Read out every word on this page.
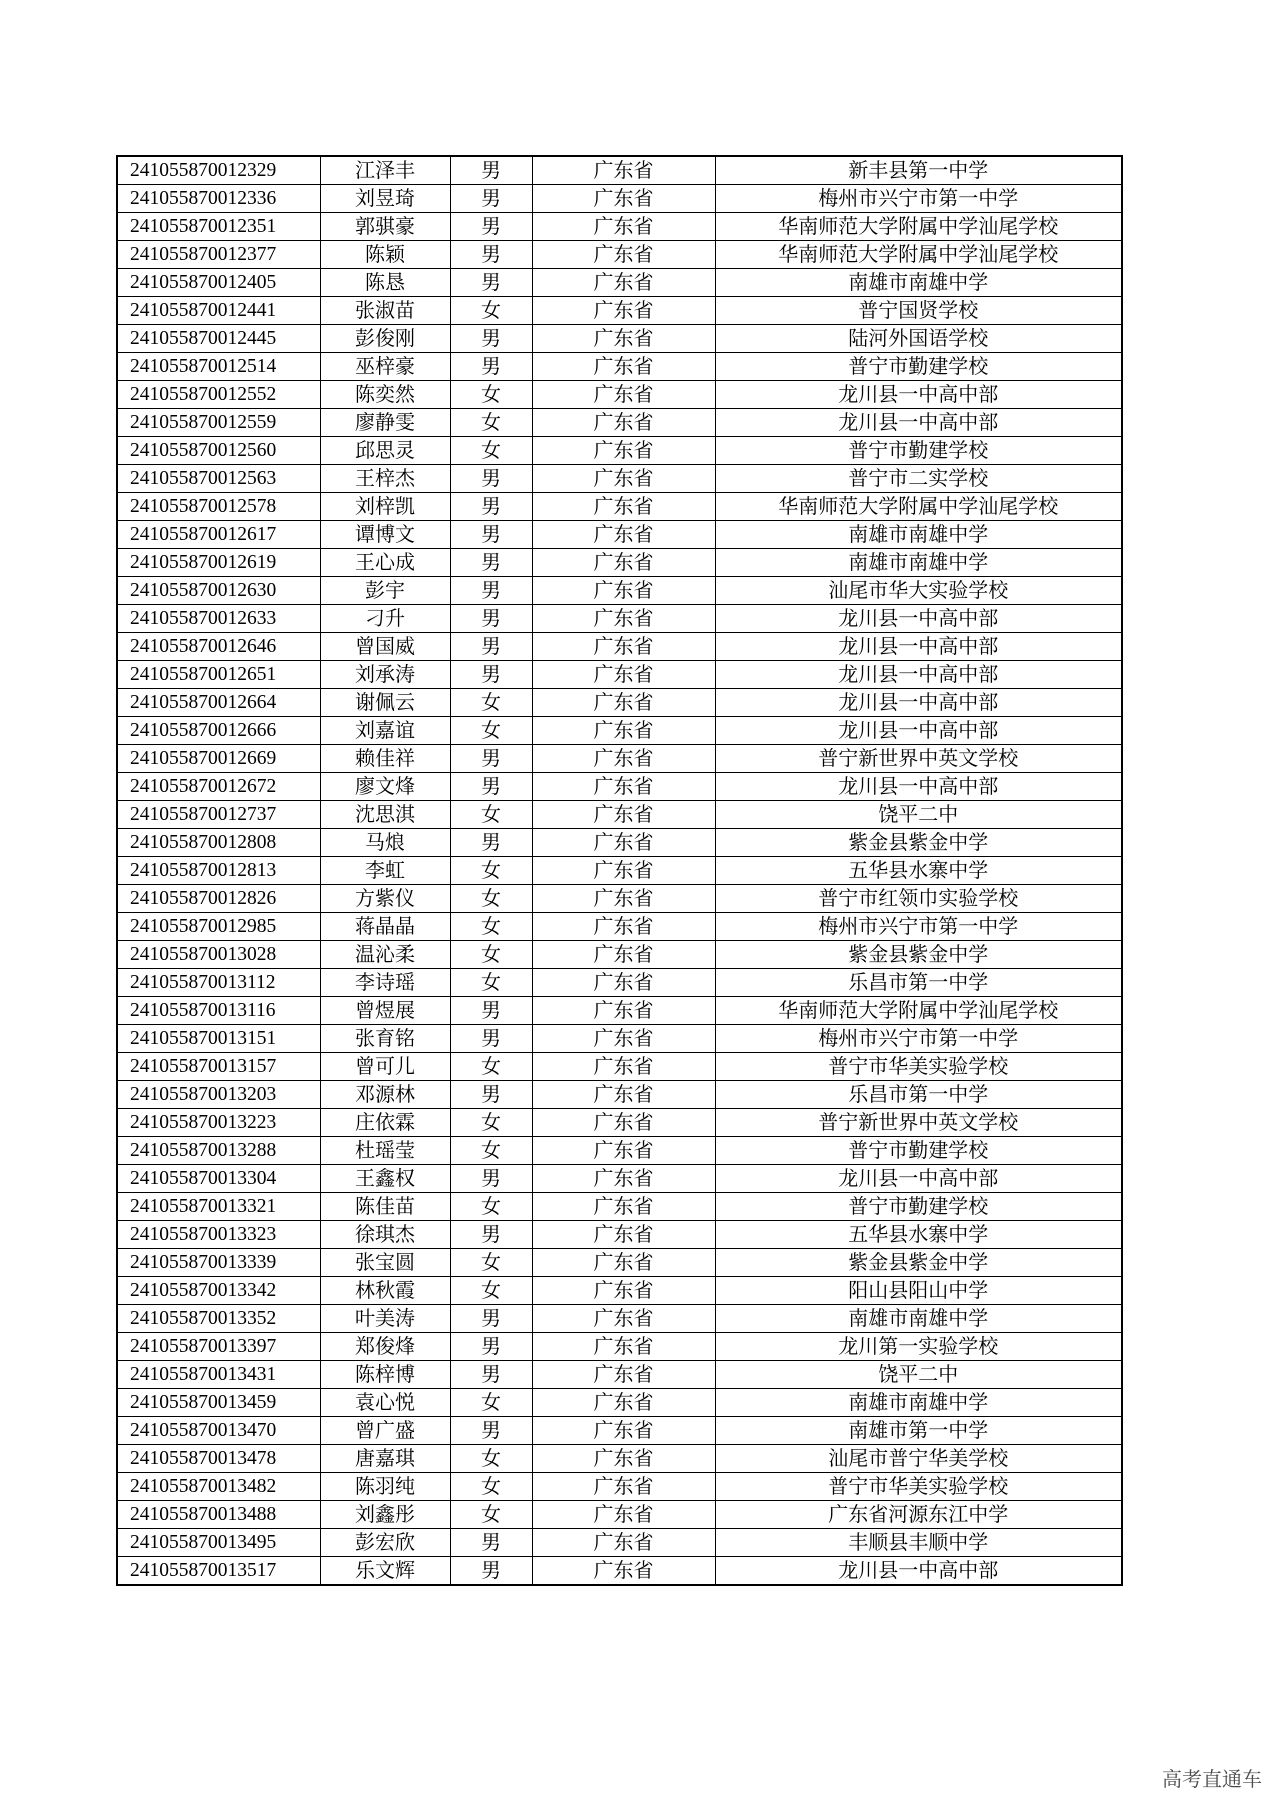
241055870012329	江泽丰	男	广东省	新丰县第一中学
241055870012336	刘昱琦	男	广东省	梅州市兴宁市第一中学
241055870012351	郭骐豪	男	广东省	华南师范大学附属中学汕尾学校
241055870012377	陈颖	男	广东省	华南师范大学附属中学汕尾学校
241055870012405	陈恳	男	广东省	南雄市南雄中学
241055870012441	张淑苗	女	广东省	普宁国贤学校
241055870012445	彭俊刚	男	广东省	陆河外国语学校
241055870012514	巫梓豪	男	广东省	普宁市勤建学校
241055870012552	陈奕然	女	广东省	龙川县一中高中部
241055870012559	廖静雯	女	广东省	龙川县一中高中部
241055870012560	邱思灵	女	广东省	普宁市勤建学校
241055870012563	王梓杰	男	广东省	普宁市二实学校
241055870012578	刘梓凯	男	广东省	华南师范大学附属中学汕尾学校
241055870012617	谭博文	男	广东省	南雄市南雄中学
241055870012619	王心成	男	广东省	南雄市南雄中学
241055870012630	彭宇	男	广东省	汕尾市华大实验学校
241055870012633	刁升	男	广东省	龙川县一中高中部
241055870012646	曾国威	男	广东省	龙川县一中高中部
241055870012651	刘承涛	男	广东省	龙川县一中高中部
241055870012664	谢佩云	女	广东省	龙川县一中高中部
241055870012666	刘嘉谊	女	广东省	龙川县一中高中部
241055870012669	赖佳祥	男	广东省	普宁新世界中英文学校
241055870012672	廖文烽	男	广东省	龙川县一中高中部
241055870012737	沈思淇	女	广东省	饶平二中
241055870012808	马烺	男	广东省	紫金县紫金中学
241055870012813	李虹	女	广东省	五华县水寨中学
241055870012826	方紫仪	女	广东省	普宁市红领巾实验学校
241055870012985	蒋晶晶	女	广东省	梅州市兴宁市第一中学
241055870013028	温沁柔	女	广东省	紫金县紫金中学
241055870013112	李诗瑶	女	广东省	乐昌市第一中学
241055870013116	曾煜展	男	广东省	华南师范大学附属中学汕尾学校
241055870013151	张育铭	男	广东省	梅州市兴宁市第一中学
241055870013157	曾可儿	女	广东省	普宁市华美实验学校
241055870013203	邓源林	男	广东省	乐昌市第一中学
241055870013223	庄依霖	女	广东省	普宁新世界中英文学校
241055870013288	杜瑶莹	女	广东省	普宁市勤建学校
241055870013304	王鑫权	男	广东省	龙川县一中高中部
241055870013321	陈佳苗	女	广东省	普宁市勤建学校
241055870013323	徐琪杰	男	广东省	五华县水寨中学
241055870013339	张宝圆	女	广东省	紫金县紫金中学
241055870013342	林秋霞	女	广东省	阳山县阳山中学
241055870013352	叶美涛	男	广东省	南雄市南雄中学
241055870013397	郑俊烽	男	广东省	龙川第一实验学校
241055870013431	陈梓博	男	广东省	饶平二中
241055870013459	袁心悦	女	广东省	南雄市南雄中学
241055870013470	曾广盛	男	广东省	南雄市第一中学
241055870013478	唐嘉琪	女	广东省	汕尾市普宁华美学校
241055870013482	陈羽纯	女	广东省	普宁市华美实验学校
241055870013488	刘鑫彤	女	广东省	广东省河源东江中学
241055870013495	彭宏欣	男	广东省	丰顺县丰顺中学
241055870013517	乐文辉	男	广东省	龙川县一中高中部
高考直通车
